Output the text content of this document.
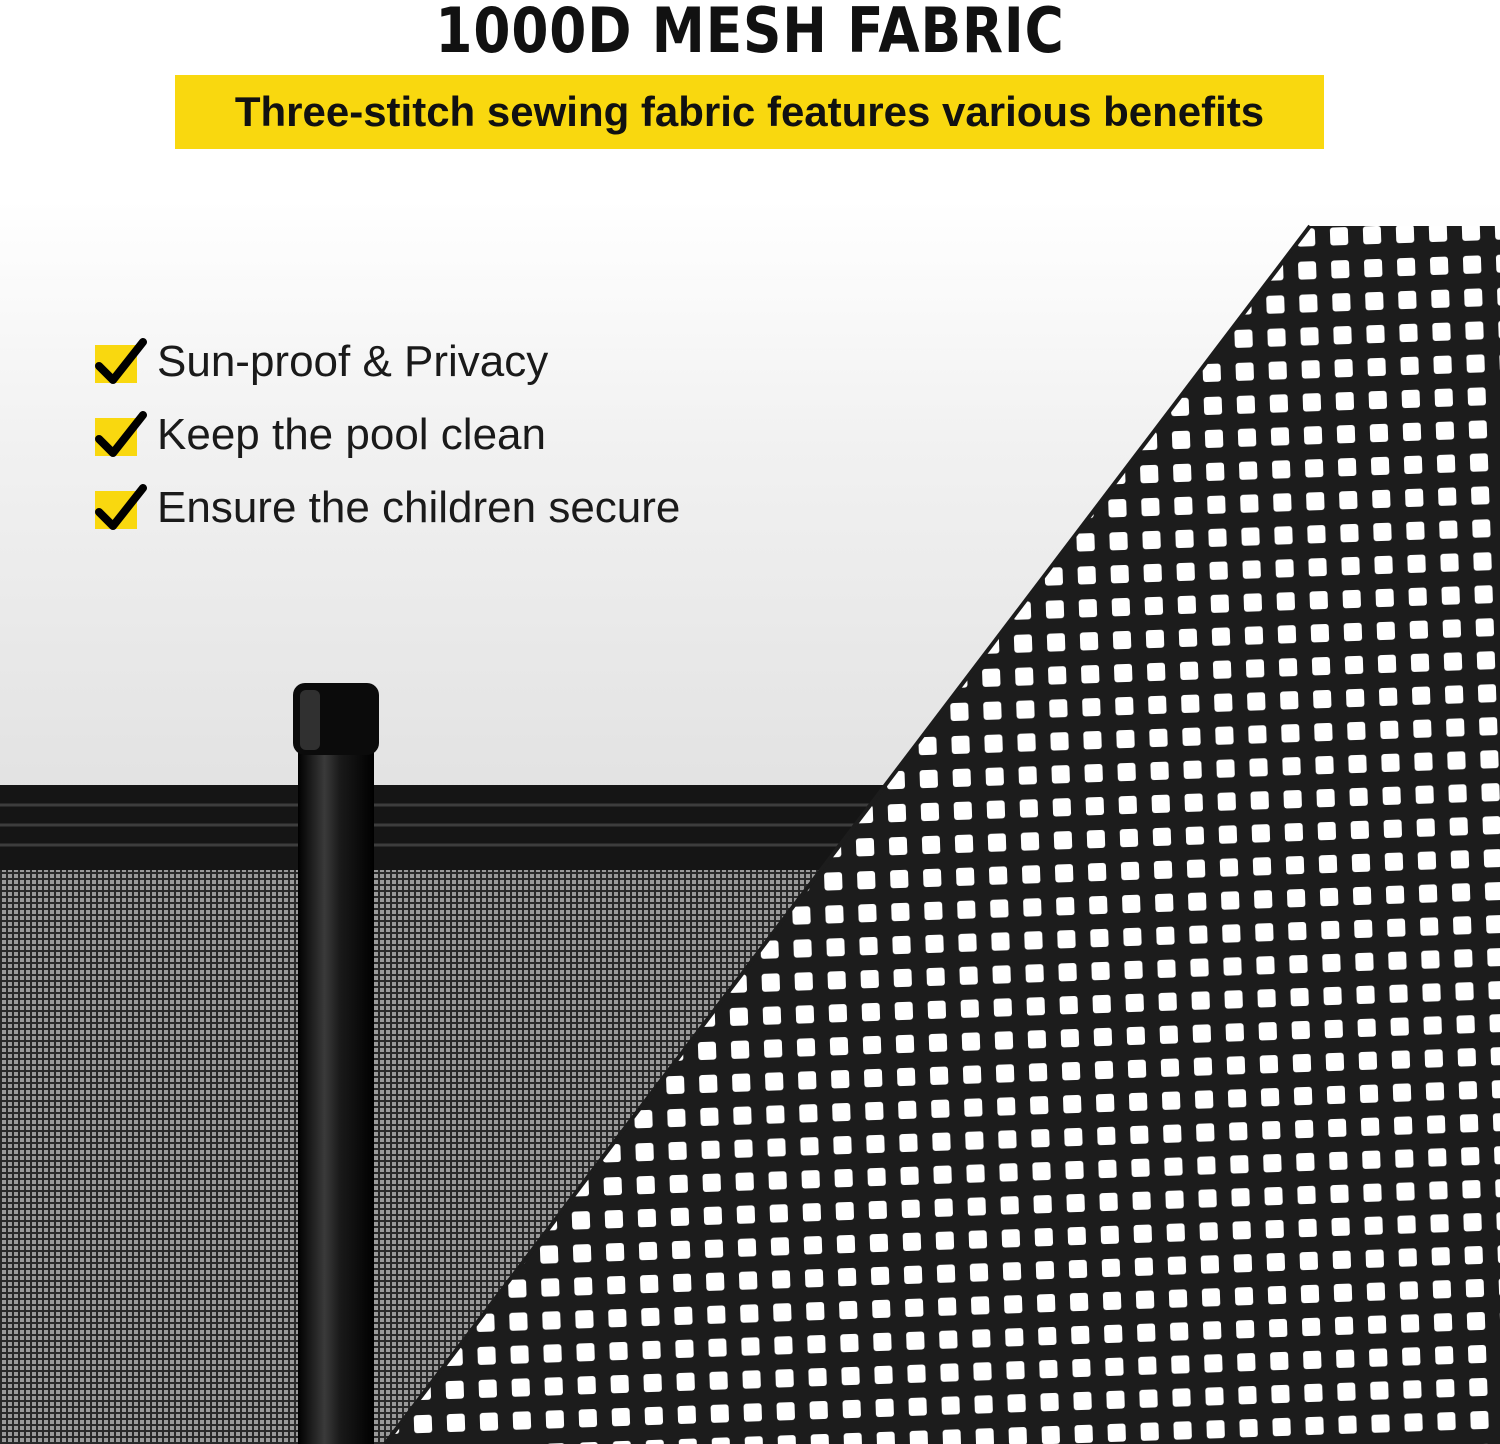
1000D MESH FABRIC
Three-stitch sewing fabric features various benefits
Sun-proof & Privacy
Keep the pool clean
Ensure the children secure
